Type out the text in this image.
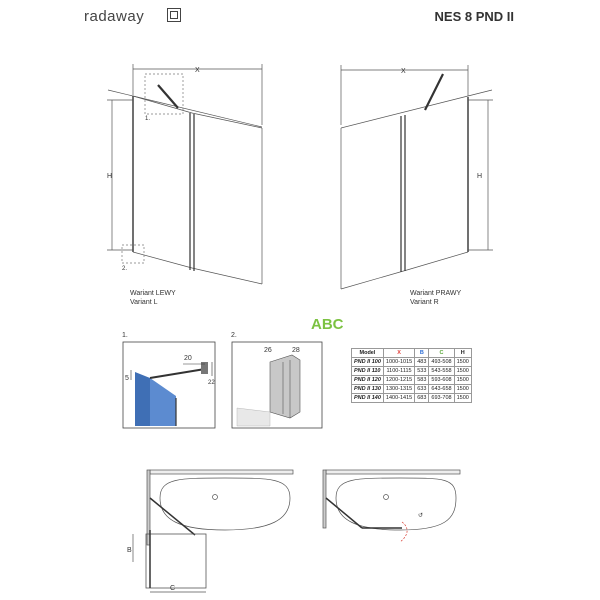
radaway	NES 8 PND II
X
H
1.
2.
X
H
1.
20
5
22
2.
26	28
B
C
↺
Wariant LEWY
Variant L
Wariant PRAWY
Variant R
ABC
Model	X	B	C	H
PND II 100	1000-1015	483	493-508	1500
PND II 110	1100-1115	533	543-558	1500
PND II 120	1200-1215	583	593-608	1500
PND II 130	1300-1315	633	643-658	1500
PND II 140	1400-1415	683	693-708	1500
